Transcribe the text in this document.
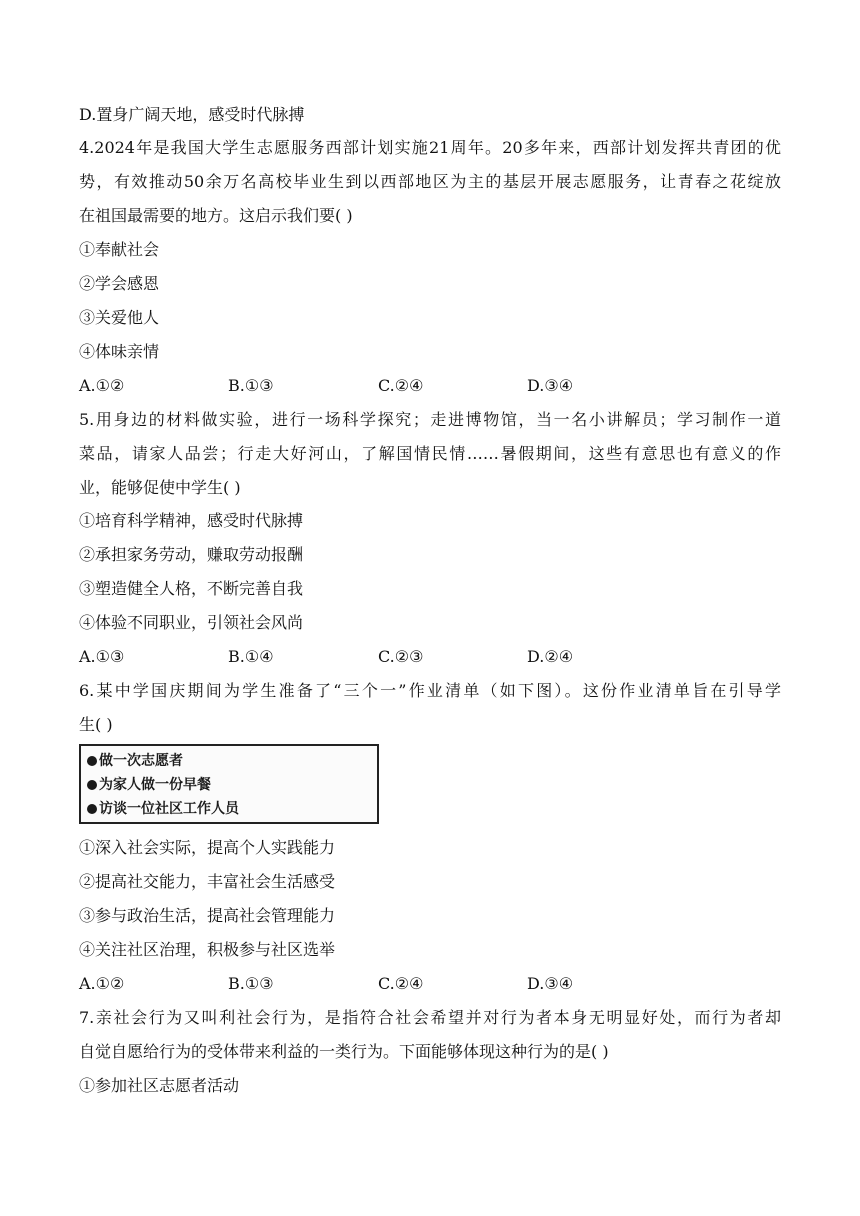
D.置身广阔天地，感受时代脉搏
4.2024年是我国大学生志愿服务西部计划实施21周年。20多年来，西部计划发挥共青团的优
势，有效推动50余万名高校毕业生到以西部地区为主的基层开展志愿服务，让青春之花绽放
在祖国最需要的地方。这启示我们要( )
①奉献社会
②学会感恩
③关爱他人
④体味亲情
A.①②	B.①③	C.②④	D.③④
5.用身边的材料做实验，进行一场科学探究；走进博物馆，当一名小讲解员；学习制作一道
菜品，请家人品尝；行走大好河山，了解国情民情……暑假期间，这些有意思也有意义的作
业，能够促使中学生( )
①培育科学精神，感受时代脉搏
②承担家务劳动，赚取劳动报酬
③塑造健全人格，不断完善自我
④体验不同职业，引领社会风尚
A.①③	B.①④	C.②③	D.②④
6.某中学国庆期间为学生准备了“三个一”作业清单（如下图）。这份作业清单旨在引导学
生( )
做一次志愿者
为家人做一份早餐
访谈一位社区工作人员
①深入社会实际，提高个人实践能力
②提高社交能力，丰富社会生活感受
③参与政治生活，提高社会管理能力
④关注社区治理，积极参与社区选举
A.①②	B.①③	C.②④	D.③④
7.亲社会行为又叫利社会行为，是指符合社会希望并对行为者本身无明显好处，而行为者却
自觉自愿给行为的受体带来利益的一类行为。下面能够体现这种行为的是( )
①参加社区志愿者活动
